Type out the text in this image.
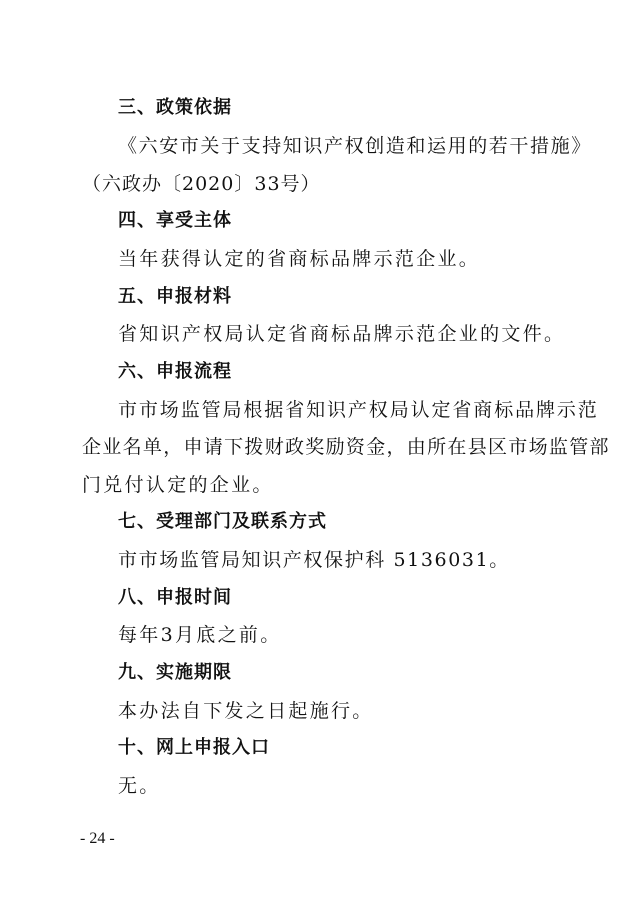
三、政策依据
《六安市关于支持知识产权创造和运用的若干措施》
（六政办〔2020〕33号）
四、享受主体
当年获得认定的省商标品牌示范企业。
五、申报材料
省知识产权局认定省商标品牌示范企业的文件。
六、申报流程
市市场监管局根据省知识产权局认定省商标品牌示范
企业名单，申请下拨财政奖励资金，由所在县区市场监管部
门兑付认定的企业。
七、受理部门及联系方式
市市场监管局知识产权保护科 5136031。
八、申报时间
每年3月底之前。
九、实施期限
本办法自下发之日起施行。
十、网上申报入口
无。
- 24 -
